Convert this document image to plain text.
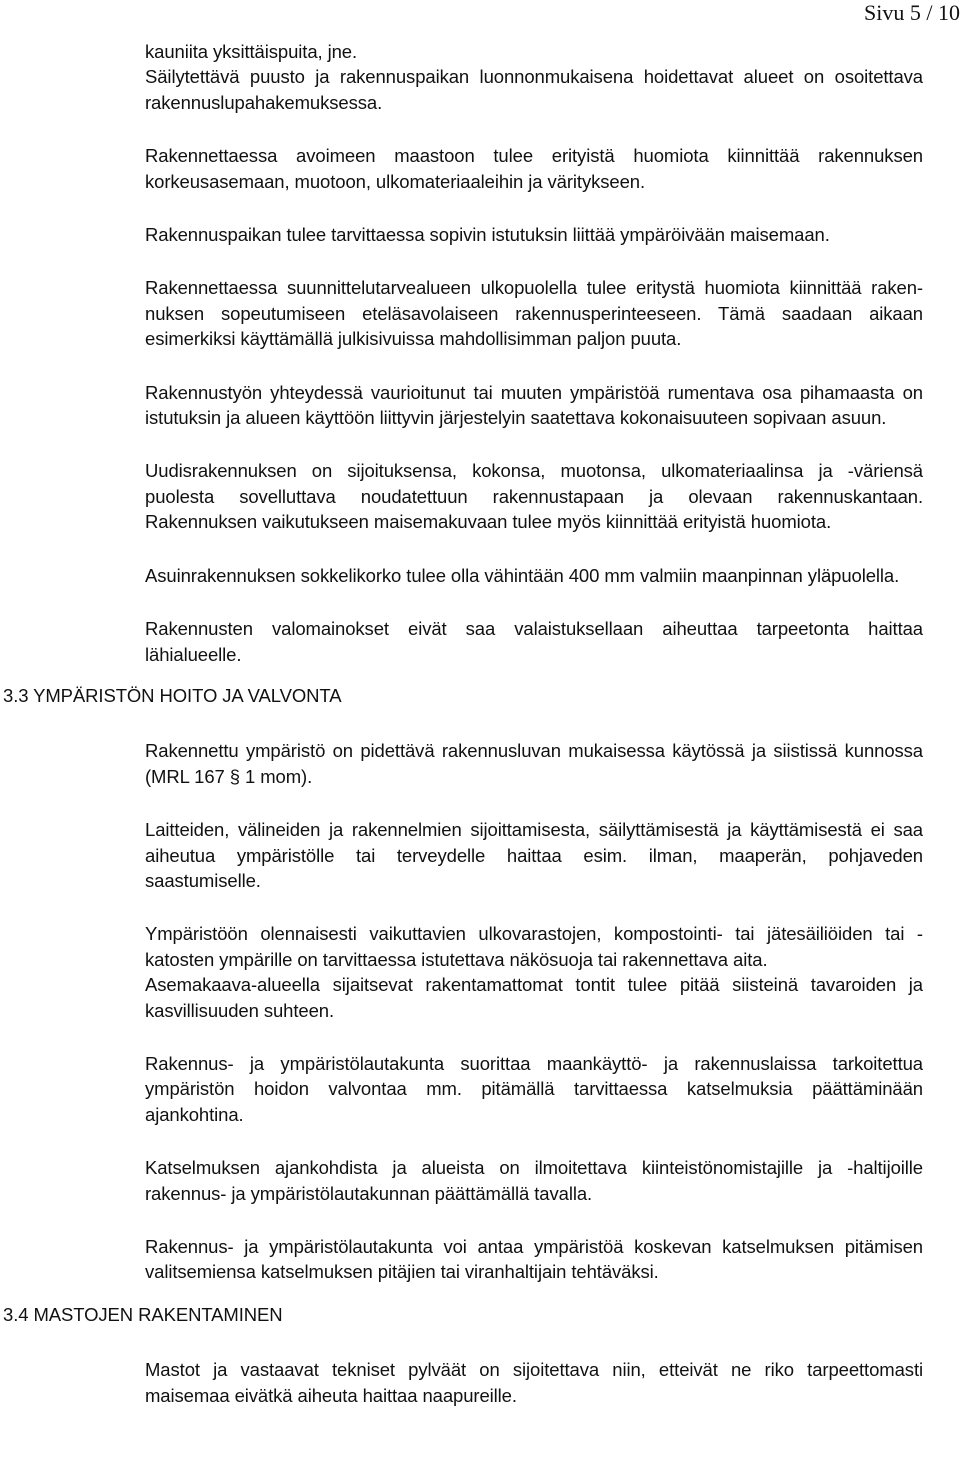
Sivu 5 / 10
kauniita yksittäispuita, jne.
Säilytettävä puusto ja rakennuspaikan luonnonmukaisena hoidettavat alueet on osoitettava
rakennuslupahakemuksessa.
Rakennettaessa avoimeen maastoon tulee erityistä huomiota kiinnittää rakennuksen
korkeusasemaan, muotoon, ulkomateriaaleihin ja väritykseen.
Rakennuspaikan tulee tarvittaessa sopivin istutuksin liittää ympäröivään maisemaan.
Rakennettaessa suunnittelutarvealueen ulkopuolella tulee eritystä huomiota kiinnittää raken-
nuksen sopeutumiseen eteläsavolaiseen rakennusperinteeseen. Tämä saadaan aikaan
esimerkiksi käyttämällä julkisivuissa mahdollisimman paljon puuta.
Rakennustyön yhteydessä vaurioitunut tai muuten ympäristöä rumentava osa pihamaasta on
istutuksin ja alueen käyttöön liittyvin järjestelyin saatettava kokonaisuuteen sopivaan asuun.
Uudisrakennuksen on sijoituksensa, kokonsa, muotonsa, ulkomateriaalinsa ja -väriensä
puolesta sovelluttava noudatettuun rakennustapaan ja olevaan rakennuskantaan.
Rakennuksen vaikutukseen maisemakuvaan tulee myös kiinnittää erityistä huomiota.
Asuinrakennuksen sokkelikorko tulee olla vähintään 400 mm valmiin maanpinnan yläpuolella.
Rakennusten valomainokset eivät saa valaistuksellaan aiheuttaa tarpeetonta haittaa
lähialueelle.
3.3 YMPÄRISTÖN HOITO JA VALVONTA
Rakennettu ympäristö on pidettävä rakennusluvan mukaisessa käytössä ja siistissä kunnossa
(MRL 167 § 1 mom).
Laitteiden, välineiden ja rakennelmien sijoittamisesta, säilyttämisestä ja käyttämisestä ei saa
aiheutua ympäristölle tai terveydelle haittaa esim. ilman, maaperän, pohjaveden
saastumiselle.
Ympäristöön olennaisesti vaikuttavien ulkovarastojen, kompostointi- tai jätesäiliöiden tai -
katosten ympärille on tarvittaessa istutettava näkösuoja tai rakennettava aita.
Asemakaava-alueella sijaitsevat rakentamattomat tontit tulee pitää siisteinä tavaroiden ja
kasvillisuuden suhteen.
Rakennus- ja ympäristölautakunta suorittaa maankäyttö- ja rakennuslaissa tarkoitettua
ympäristön hoidon valvontaa mm. pitämällä tarvittaessa katselmuksia päättäminään
ajankohtina.
Katselmuksen ajankohdista ja alueista on ilmoitettava kiinteistönomistajille ja -haltijoille
rakennus- ja ympäristölautakunnan päättämällä tavalla.
Rakennus- ja ympäristölautakunta voi antaa ympäristöä koskevan katselmuksen pitämisen
valitsemiensa katselmuksen pitäjien tai viranhaltijain tehtäväksi.
3.4 MASTOJEN RAKENTAMINEN
Mastot ja vastaavat tekniset pylväät on sijoitettava niin, etteivät ne riko tarpeettomasti
maisemaa eivätkä aiheuta haittaa naapureille.
